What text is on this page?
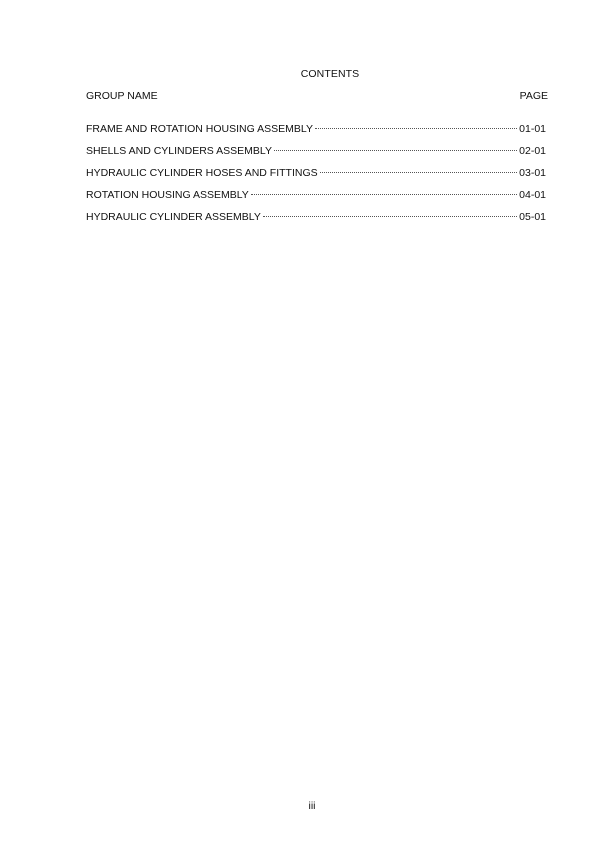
CONTENTS
GROUP NAME	PAGE
FRAME AND ROTATION HOUSING ASSEMBLY	01-01
SHELLS AND CYLINDERS ASSEMBLY	02-01
HYDRAULIC CYLINDER HOSES AND FITTINGS	03-01
ROTATION HOUSING ASSEMBLY	04-01
HYDRAULIC CYLINDER ASSEMBLY	05-01
iii
